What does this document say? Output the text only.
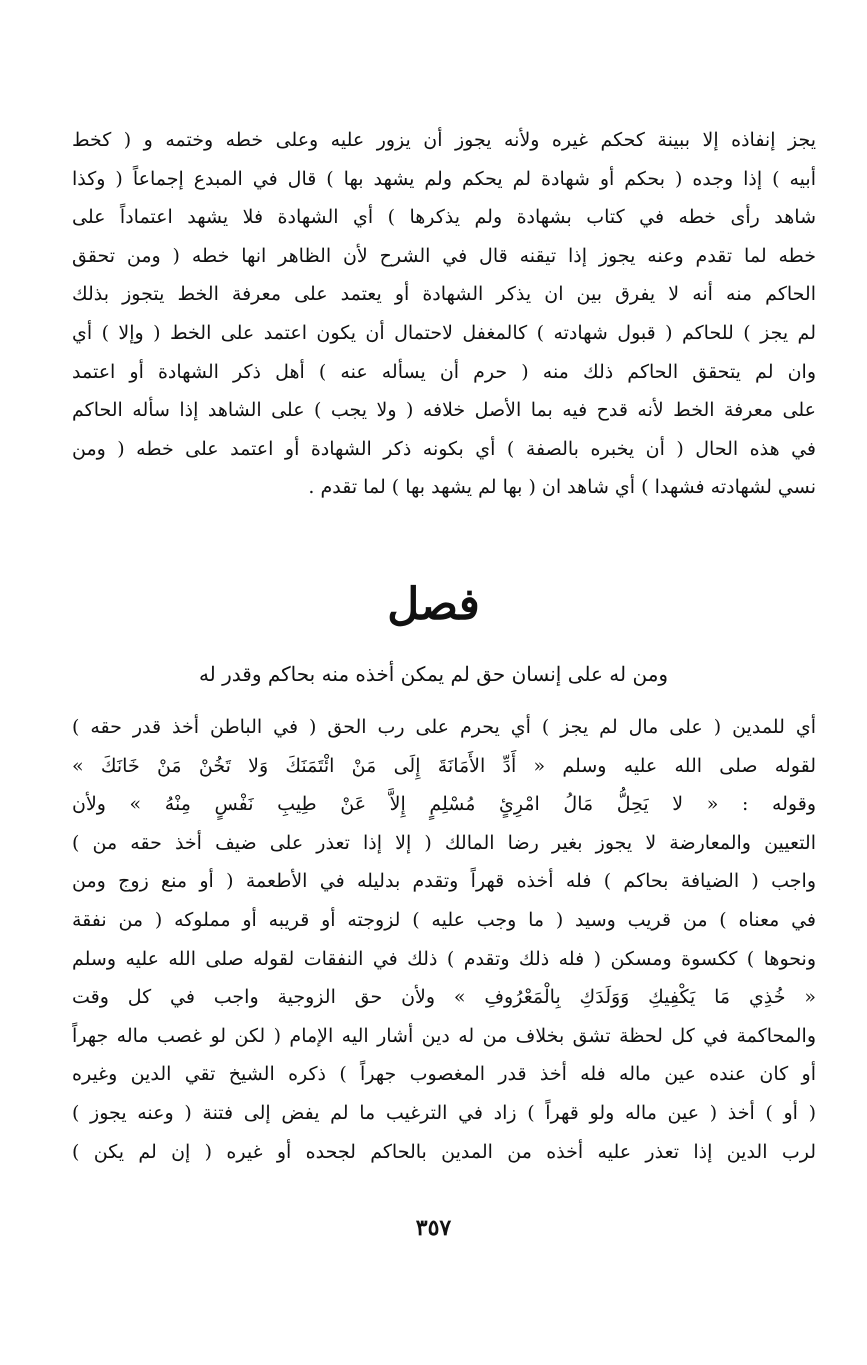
يجز إنفاذه إلا ببينة كحكم غيره ولأنه يجوز أن يزور عليه وعلى خطه وختمه و ( كخط
أبيه ) إذا وجده ( بحكم أو شهادة لم يحكم ولم يشهد بها ) قال في المبدع إجماعاً ( وكذا
شاهد رأى خطه في كتاب بشهادة ولم يذكرها ) أي الشهادة فلا يشهد اعتماداً على
خطه لما تقدم وعنه يجوز إذا تيقنه قال في الشرح لأن الظاهر انها خطه ( ومن تحقق
الحاكم منه أنه لا يفرق بين ان يذكر الشهادة أو يعتمد على معرفة الخط يتجوز بذلك
لم يجز ) للحاكم ( قبول شهادته ) كالمغفل لاحتمال أن يكون اعتمد على الخط ( وإلا ) أي
وان لم يتحقق الحاكم ذلك منه ( حرم أن يسأله عنه ) أهل ذكر الشهادة أو اعتمد
على معرفة الخط لأنه قدح فيه بما الأصل خلافه ( ولا يجب ) على الشاهد إذا سأله الحاكم
في هذه الحال ( أن يخبره بالصفة ) أي بكونه ذكر الشهادة أو اعتمد على خطه ( ومن
نسي لشهادته فشهدا ) أي شاهد ان ( بها لم يشهد بها ) لما تقدم .
فصل
ومن له على إنسان حق لم يمكن أخذه منه بحاكم وقدر له
أي للمدين ( على مال لم يجز ) أي يحرم على رب الحق ( في الباطن أخذ قدر حقه )
لقوله صلى الله عليه وسلم « أَدِّ الأَمَانَةَ إِلَى مَنْ ائْتَمَنَكَ وَلا تَخُنْ مَنْ خَانَكَ »
وقوله : « لا يَحِلُّ مَالُ امْرِئٍ مُسْلِمٍ إِلاَّ عَنْ طِيبِ نَفْسٍ مِنْهُ » ولأن
التعيين والمعارضة لا يجوز بغير رضا المالك ( إلا إذا تعذر على ضيف أخذ حقه من )
واجب ( الضيافة بحاكم ) فله أخذه قهراً وتقدم بدليله في الأطعمة ( أو منع زوج ومن
في معناه ) من قريب وسيد ( ما وجب عليه ) لزوجته أو قريبه أو مملوكه ( من نفقة
ونحوها ) ككسوة ومسكن ( فله ذلك وتقدم ) ذلك في النفقات لقوله صلى الله عليه وسلم
« خُذِي مَا يَكْفِيكِ وَوَلَدَكِ بِالْمَعْرُوفِ » ولأن حق الزوجية واجب في كل وقت
والمحاكمة في كل لحظة تشق بخلاف من له دين أشار اليه الإمام ( لكن لو غصب ماله جهراً
أو كان عنده عين ماله فله أخذ قدر المغصوب جهراً ) ذكره الشيخ تقي الدين وغيره
( أو ) أخذ ( عين ماله ولو قهراً ) زاد في الترغيب ما لم يفض إلى فتنة ( وعنه يجوز )
لرب الدين إذا تعذر عليه أخذه من المدين بالحاكم لجحده أو غيره ( إن لم يكن )
٣٥٧
